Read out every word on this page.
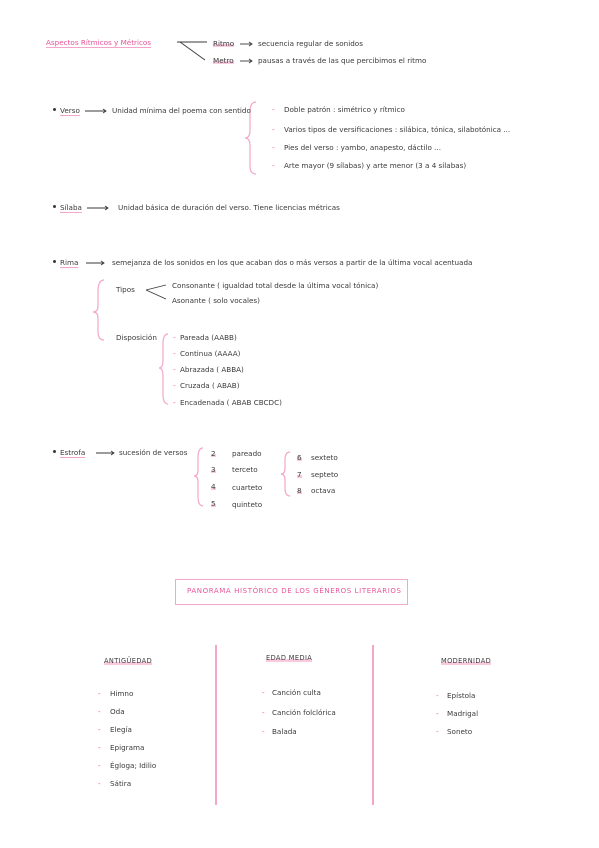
Aspectos Rítmicos y Métricos	Ritmo	secuencia regular de sonidos
Metro	pausas a través de las que percibimos el ritmo
Verso	Unidad mínima del poema con sentido	- Doble patrón : simétrico y rítmico
- Varios tipos de versificaciones : silábica, tónica, silabotónica ...
- Pies del verso : yambo, anapesto, dáctilo ...
- Arte mayor (9 sílabas) y arte menor (3 a 4 sílabas)
Sílaba	Unidad básica de duración del verso. Tiene licencias métricas
Rima	semejanza de los sonidos en los que acaban dos o más versos a partir de la última vocal acentuada
Tipos	Consonante ( igualdad total desde la última vocal tónica)
Asonante ( solo vocales)
Disposición - Pareada (AABB)
- Continua (AAAA)
- Abrazada ( ABBA)
- Cruzada ( ABAB)
- Encadenada ( ABAB CBCDC)
Estrofa	sucesión de versos	2 pareado
3 terceto
4 cuarteto
5 quinteto
6 sexteto
7 septeto
8 octava
PANORAMA HISTÓRICO DE LOS GÉNEROS LITERARIOS
ANTIGÜEDAD
- Himno
- Oda
- Elegía
- Epigrama
- Égloga; Idilio
- Sátira
EDAD MEDIA
- Canción culta
- Canción folclórica
- Balada
MODERNIDAD
- Epístola
- Madrigal
- Soneto
